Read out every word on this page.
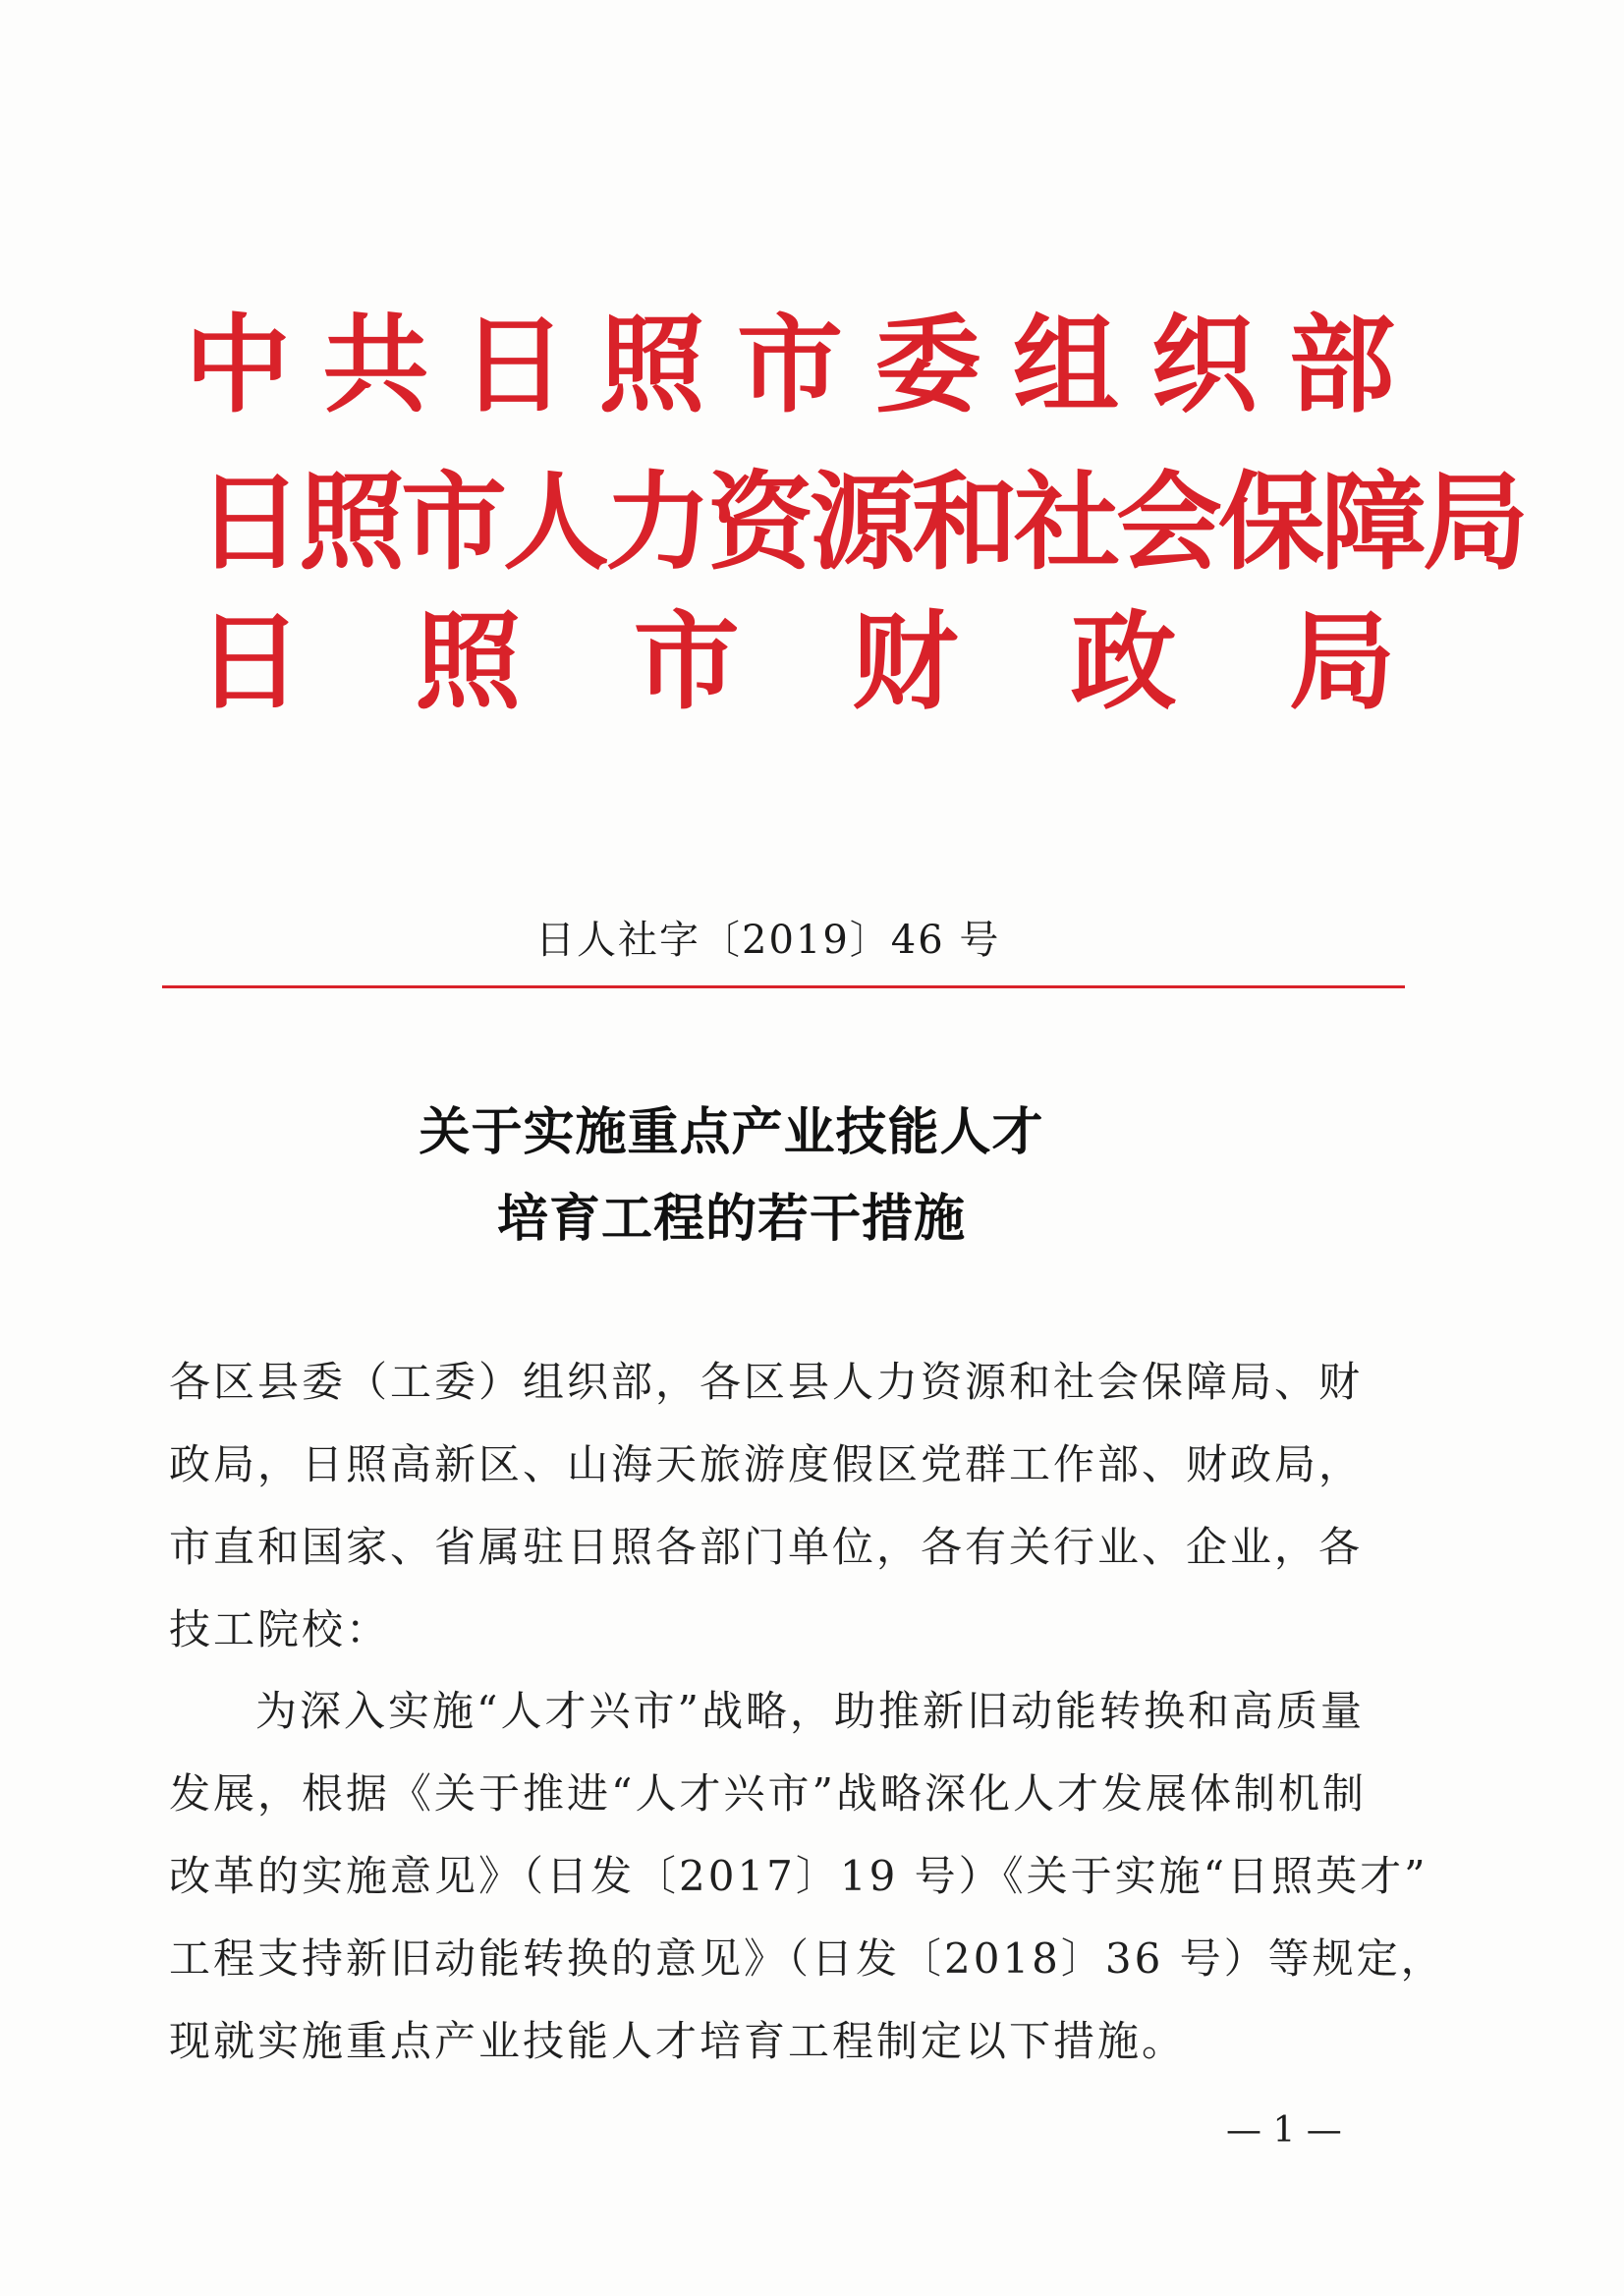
中 共 日 照 市 委 组 织 部
日照市人力资源和社会保障局
日 照 市 财 政 局
日人社字〔2019〕46 号
关于实施重点产业技能人才
培育工程的若干措施
各区县委（工委）组织部，各区县人力资源和社会保障局、财
政局，日照高新区、山海天旅游度假区党群工作部、财政局，
市直和国家、省属驻日照各部门单位，各有关行业、企业，各
技工院校：
为深入实施“人才兴市”战略，助推新旧动能转换和高质量
发展，根据《关于推进“人才兴市”战略深化人才发展体制机制
改革的实施意见》（日发〔2017〕19 号）《关于实施“日照英才”
工程支持新旧动能转换的意见》（日发〔2018〕36 号）等规定，
现就实施重点产业技能人才培育工程制定以下措施。
— 1 —
